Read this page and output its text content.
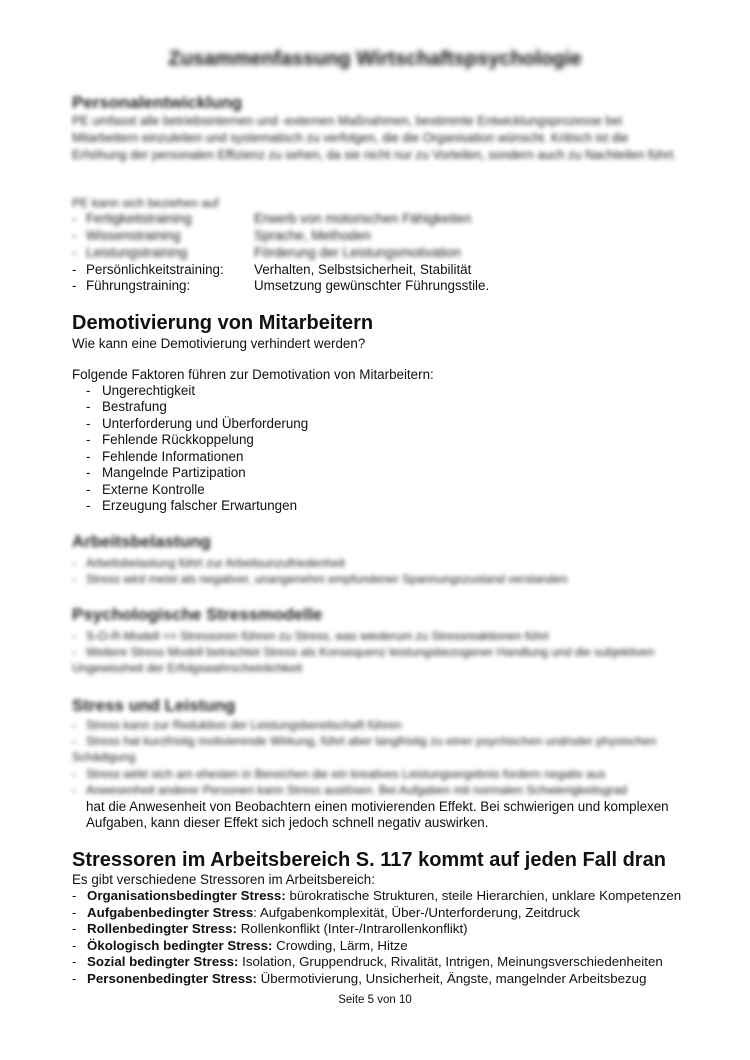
Zusammenfassung Wirtschaftspsychologie
Personalentwicklung
PE umfasst alle betriebsinternen und -externen Maßnahmen, bestimmte Entwicklungsprozesse bei Mitarbeitern einzuleiten und systematisch zu verfolgen, die die Organisation wünscht. Kritisch ist die Erhöhung der personalen Effizienz zu sehen, da sie nicht nur zu Vorteilen, sondern auch zu Nachteilen führt.
PE kann sich beziehen auf
- Fertigkeitstraining	Erwerb von motorischen Fähigkeiten
- Wissenstraining	Sprache, Methoden
- Leistungstraining	Förderung der Leistungsmotivation
- Persönlichkeitstraining: Verhalten, Selbstsicherheit, Stabilität
- Führungstraining:	Umsetzung gewünschter Führungsstile.
Demotivierung von Mitarbeitern
Wie kann eine Demotivierung verhindert werden?
Folgende Faktoren führen zur Demotivation von Mitarbeitern:
- Ungerechtigkeit
- Bestrafung
- Unterforderung und Überforderung
- Fehlende Rückkoppelung
- Fehlende Informationen
- Mangelnde Partizipation
- Externe Kontrolle
- Erzeugung falscher Erwartungen
Arbeitsbelastung
- Arbeitsbelastung führt zur Arbeitsunzufriedenheit
- Stress wird meist als negativer, unangenehm empfundener Spannungszustand verstanden
Psychologische Stressmodelle
- S-O-R-Modell => Stressoren führen zu Stress, was wiederum zu Stressreaktionen führt
- Weitere Stress Modell betrachtet Stress als Konsequenz leistungsbezogener Handlung und die subjektiven Ungewissheit der Erfolgswahrscheinlichkeit
Stress und Leistung
- Stress kann zur Reduktion der Leistungsbereitschaft führen
- Stress hat kurzfristig motivierende Wirkung, führt aber langfristig zu einer psychischen und/oder physischen Schädigung
- Stress wirkt sich am ehesten in Bereichen die ein kreatives Leistungsergebnis fordern negativ aus
- Anwesenheit anderer Personen kann Stress auslösen. Bei Aufgaben mit normalen Schwierigkeitsgrad
hat die Anwesenheit von Beobachtern einen motivierenden Effekt. Bei schwierigen und komplexen
Aufgaben, kann dieser Effekt sich jedoch schnell negativ auswirken.
Stressoren im Arbeitsbereich S. 117 kommt auf jeden Fall dran
Es gibt verschiedene Stressoren im Arbeitsbereich:
- Organisationsbedingter Stress: bürokratische Strukturen, steile Hierarchien, unklare Kompetenzen
- Aufgabenbedingter Stress: Aufgabenkomplexität, Über-/Unterforderung, Zeitdruck
- Rollenbedingter Stress: Rollenkonflikt (Inter-/Intrarollenkonflikt)
- Ökologisch bedingter Stress: Crowding, Lärm, Hitze
- Sozial bedingter Stress: Isolation, Gruppendruck, Rivalität, Intrigen, Meinungsverschiedenheiten
- Personenbedingter Stress: Übermotivierung, Unsicherheit, Ängste, mangelnder Arbeitsbezug
Seite 5 von 10
